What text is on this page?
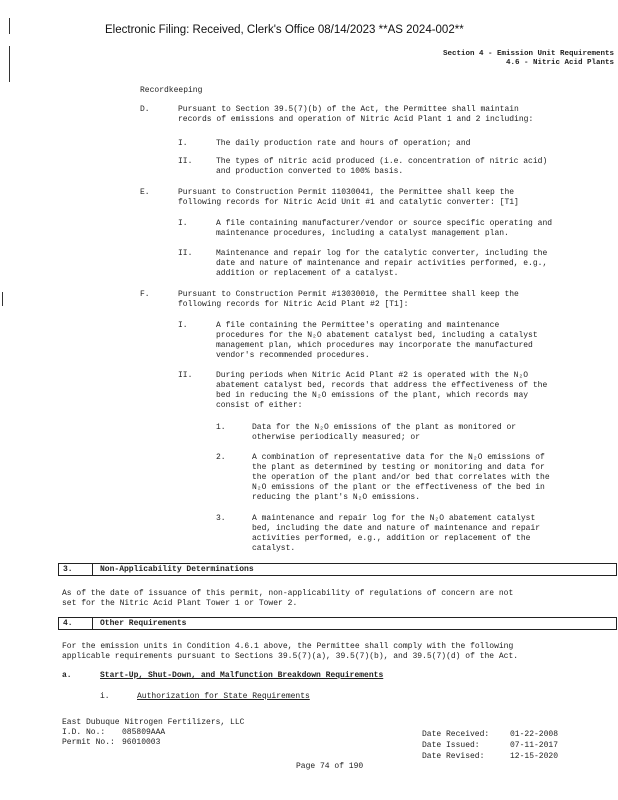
Electronic Filing: Received, Clerk's Office 08/14/2023 **AS 2024-002**
Section 4 - Emission Unit Requirements
4.6 - Nitric Acid Plants
Recordkeeping
D.	Pursuant to Section 39.5(7)(b) of the Act, the Permittee shall maintain
records of emissions and operation of Nitric Acid Plant 1 and 2 including:
I.	The daily production rate and hours of operation; and
II.	The types of nitric acid produced (i.e. concentration of nitric acid)
and production converted to 100% basis.
E.	Pursuant to Construction Permit 11030041, the Permittee shall keep the
following records for Nitric Acid Unit #1 and catalytic converter: [T1]
I.	A file containing manufacturer/vendor or source specific operating and
maintenance procedures, including a catalyst management plan.
II.	Maintenance and repair log for the catalytic converter, including the
date and nature of maintenance and repair activities performed, e.g.,
addition or replacement of a catalyst.
F.	Pursuant to Construction Permit #13030010, the Permittee shall keep the
following records for Nitric Acid Plant #2 [T1]:
I.	A file containing the Permittee's operating and maintenance
procedures for the N₂O abatement catalyst bed, including a catalyst
management plan, which procedures may incorporate the manufactured
vendor's recommended procedures.
II.	During periods when Nitric Acid Plant #2 is operated with the N₂O
abatement catalyst bed, records that address the effectiveness of the
bed in reducing the N₂O emissions of the plant, which records may
consist of either:
1.	Data for the N₂O emissions of the plant as monitored or
otherwise periodically measured; or
2.	A combination of representative data for the N₂O emissions of
the plant as determined by testing or monitoring and data for
the operation of the plant and/or bed that correlates with the
N₂O emissions of the plant or the effectiveness of the bed in
reducing the plant's N₂O emissions.
3.	A maintenance and repair log for the N₂O abatement catalyst
bed, including the date and nature of maintenance and repair
activities performed, e.g., addition or replacement of the
catalyst.
3.	Non-Applicability Determinations
As of the date of issuance of this permit, non-applicability of regulations of concern are not
set for the Nitric Acid Plant Tower 1 or Tower 2.
4.	Other Requirements
For the emission units in Condition 4.6.1 above, the Permittee shall comply with the following
applicable requirements pursuant to Sections 39.5(7)(a), 39.5(7)(b), and 39.5(7)(d) of the Act.
a.	Start-Up, Shut-Down, and Malfunction Breakdown Requirements
i.	Authorization for State Requirements
East Dubuque Nitrogen Fertilizers, LLC
I.D. No.: 085809AAA
Permit No.: 96010003
Date Received:	01-22-2008
Date Issued:	07-11-2017
Date Revised:	12-15-2020
Page 74 of 190
